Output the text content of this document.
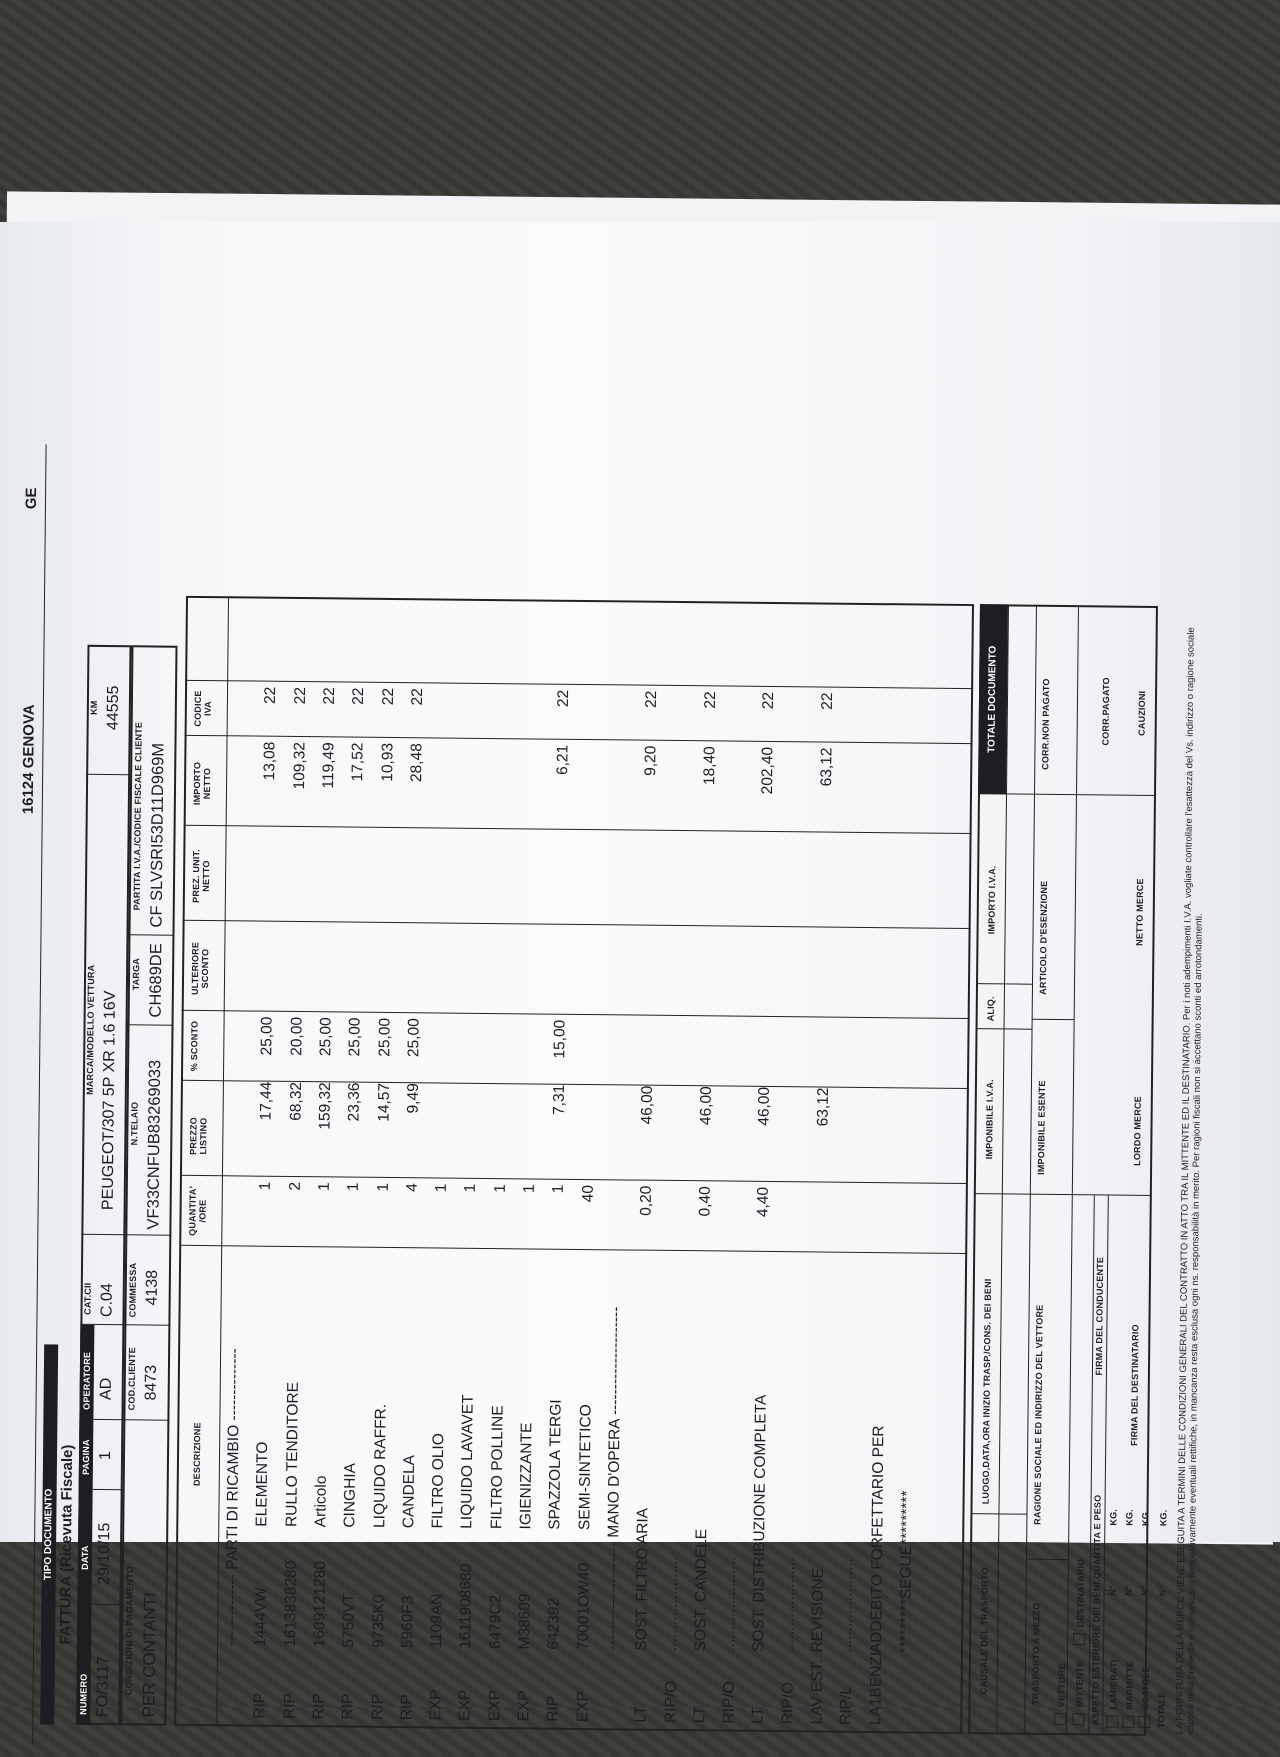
1612​4 GENOVA
GE
TIPO DOCUMENTO FATTURA (Ricevuta Fiscale)
NUMERO FO/3117
DATA 29/10/15
PAGINA 1
OPERATORE AD
CAT.CII C.04
MARCA/MODELLO VETTURA PEUGEOT/307 5P XR 1.6 16V
KM 44555
CONDIZIONI DI PAGAMENTO PER CONTANTI
COD.CLIENTE 8473
COMMESSA 4138
N.TELAIO VF33CNFUB83269033
TARGA CH689DE
PARTITA I.V.A./CODICE FISCALE CLIENTE CF SLVSRI53D11D969M
DESCRIZIONE
QUANTITA' /ORE
PREZZO LISTINO
% SCONTO
ULTERIORE SCONTO
PREZ. UNIT. NETTO
IMPORTO NETTO
CODICE IVA
-------------- PARTI DI RICAMBIO --------------
RIP
1444VW
ELEMENTO
1
17,44
25,00
13,08
22
RIP
1613838280
RULLO TENDITORE
2
68,32
20,00
109,32
22
RIP
1609121280
Articolo
1
159,32
25,00
119,49
22
RIP
5750VT
CINGHIA
1
23,36
25,00
17,52
22
RIP
9735K0
LIQUIDO RAFFR.
1
14,57
25,00
10,93
22
RIP
5960F3
CANDELA
4
9,49
25,00
28,48
22
EXP
1109AN
FILTRO OLIO
1
EXP
1611908680
LIQUIDO LAVAVET
1
EXP
6479C2
FILTRO POLLINE
1
EXP
M38609
IGIENIZZANTE
1
RIP
642392
SPAZZOLA TERGI
1
7,31
15,00
6,21
22
EXP
70001OW40
SEMI-SINTETICO
40
--------------------- MANO D'OPERA ---------------------
LT
SOST. FILTRO ARIA
0,20
46,00
9,20
22
RIP/O
......................
LT
SOST. CANDELE
0,40
46,00
18,40
22
RIP/O
......................
LT
SOST. DISTRIBUZIONE COMPLETA
4,40
46,00
202,40
22
RIP/O
......................
LAV EST.
REVISIONE
63,12
63,12
22
RIP/L
......................
LA1BENZI
ADDEBITO FORFETTARIO PER *********SEGUE*********	CAUSALE DEL TRASPORTO
LUOGO,DATA,ORA INIZIO TRASP./CONS. DEI BENI
IMPONIBILE I.V.A.
ALIQ.
IMPORTO I.V.A.
TOTALE DOCUMENTO
TRASPORTO A MEZZO
RAGIONE SOCIALE ED INDIRIZZO DEL VETTORE
IMPONIBILE ESENTE
ARTICOLO D'ESENZIONE
CORR.NON PAGATO
VETTORE MITTENTE
DESTINATARIO ASPETTO ESTERIORE DEI BENI,QUANTITA E PESO
FIRMA DEL CONDUCENTE
CORR.PAGATO
LAMIERATI MARMITTE SCATOLE TOTALE
N°
KG.
N°
KG.
N°
KG.
N°
KG.
FIRMA DEL DESTINATARIO
LORDO MERCE
NETTO MERCE
CAUZIONI	LA FORNITURA DELLA MERCE VIENE ESEGUITA A TERMINI DELLE CONDIZIONI GENERALI DEL CONTRATTO IN ATTO TRA IL MITTENTE ED IL DESTINATARIO. Per i noti adempimenti I.V.A. vogliate controllare l'esattezza del Vs. indirizzo o ragione sociale esposti nella presente e comunicarci tempestivamente eventuali rettifiche, in mancanza resta esclusa ogni ns. responsabilità in merito. Per ragioni fiscali non si accettano sconti ed arrotondamenti.
